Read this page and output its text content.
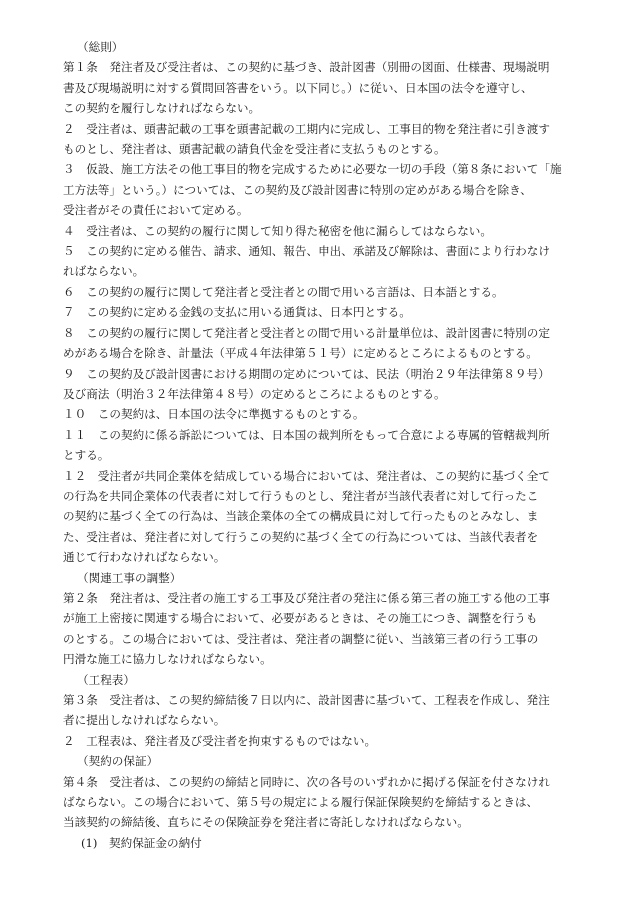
（総則）
第１条　発注者及び受注者は、この契約に基づき、設計図書（別冊の図面、仕様書、現場説明
書及び現場説明に対する質問回答書をいう。以下同じ。）に従い、日本国の法令を遵守し、
この契約を履行しなければならない。
２　受注者は、頭書記載の工事を頭書記載の工期内に完成し、工事目的物を発注者に引き渡す
ものとし、発注者は、頭書記載の請負代金を受注者に支払うものとする。
３　仮設、施工方法その他工事目的物を完成するために必要な一切の手段（第８条において「施
工方法等」という。）については、この契約及び設計図書に特別の定めがある場合を除き、
受注者がその責任において定める。
４　受注者は、この契約の履行に関して知り得た秘密を他に漏らしてはならない。
５　この契約に定める催告、請求、通知、報告、申出、承諾及び解除は、書面により行わなけ
ればならない。
６　この契約の履行に関して発注者と受注者との間で用いる言語は、日本語とする。
７　この契約に定める金銭の支払に用いる通貨は、日本円とする。
８　この契約の履行に関して発注者と受注者との間で用いる計量単位は、設計図書に特別の定
めがある場合を除き、計量法（平成４年法律第５１号）に定めるところによるものとする。
９　この契約及び設計図書における期間の定めについては、民法（明治２９年法律第８９号）
及び商法（明治３２年法律第４８号）の定めるところによるものとする。
１０　この契約は、日本国の法令に準拠するものとする。
１１　この契約に係る訴訟については、日本国の裁判所をもって合意による専属的管轄裁判所
とする。
１２　受注者が共同企業体を結成している場合においては、発注者は、この契約に基づく全て
の行為を共同企業体の代表者に対して行うものとし、発注者が当該代表者に対して行ったこ
の契約に基づく全ての行為は、当該企業体の全ての構成員に対して行ったものとみなし、ま
た、受注者は、発注者に対して行うこの契約に基づく全ての行為については、当該代表者を
通じて行わなければならない。
（関連工事の調整）
第２条　発注者は、受注者の施工する工事及び発注者の発注に係る第三者の施工する他の工事
が施工上密接に関連する場合において、必要があるときは、その施工につき、調整を行うも
のとする。この場合においては、受注者は、発注者の調整に従い、当該第三者の行う工事の
円滑な施工に協力しなければならない。
（工程表）
第３条　受注者は、この契約締結後７日以内に、設計図書に基づいて、工程表を作成し、発注
者に提出しなければならない。
２　工程表は、発注者及び受注者を拘束するものではない。
（契約の保証）
第４条　受注者は、この契約の締結と同時に、次の各号のいずれかに掲げる保証を付さなけれ
ばならない。この場合において、第５号の規定による履行保証保険契約を締結するときは、
当該契約の締結後、直ちにその保険証券を発注者に寄託しなければならない。
(1)　契約保証金の納付
